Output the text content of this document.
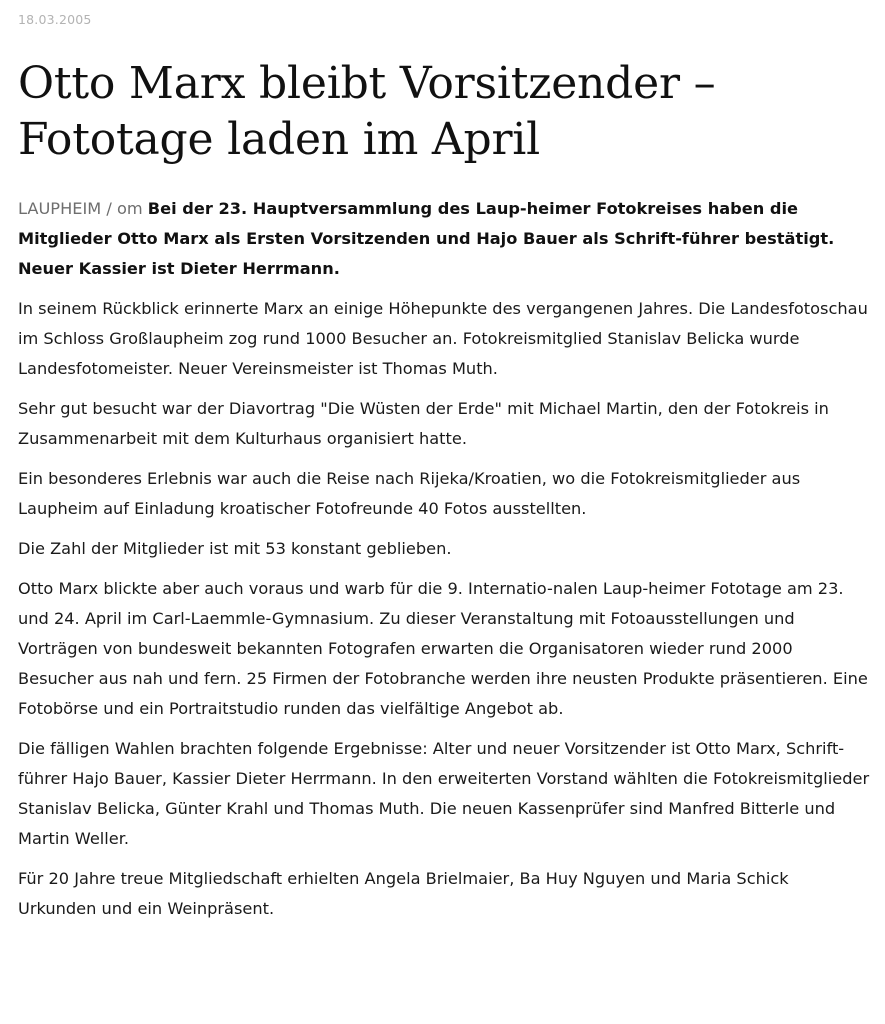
18.03.2005
Otto Marx bleibt Vorsitzender –
Fototage laden im April

LAUPHEIM / om Bei der 23. Hauptversammlung des Laup-heimer Fotokreises haben die Mitglieder Otto Marx als Ersten Vorsitzenden und Hajo Bauer als Schrift-führer bestätigt. Neuer Kassier ist Dieter Herrmann.

In seinem Rückblick erinnerte Marx an einige Höhepunkte des vergangenen Jahres. Die Landesfotoschau im Schloss Großlaupheim zog rund 1000 Besucher an. Fotokreismitglied Stanislav Belicka wurde Landesfotomeister. Neuer Vereinsmeister ist Thomas Muth.

Sehr gut besucht war der Diavortrag "Die Wüsten der Erde" mit Michael Martin, den der Fotokreis in Zusammenarbeit mit dem Kulturhaus organisiert hatte.

Ein besonderes Erlebnis war auch die Reise nach Rijeka/Kroatien, wo die Fotokreismitglieder aus Laupheim auf Einladung kroatischer Fotofreunde 40 Fotos ausstellten.

Die Zahl der Mitglieder ist mit 53 konstant geblieben.

Otto Marx blickte aber auch voraus und warb für die 9. Internatio-nalen Laup-heimer Fototage am 23. und 24. April im Carl-Laemmle-Gymnasium. Zu dieser Veranstaltung mit Fotoausstellungen und Vorträgen von bundesweit bekannten Fotografen erwarten die Organisatoren wieder rund 2000 Besucher aus nah und fern. 25 Firmen der Fotobranche werden ihre neusten Produkte präsentieren. Eine Fotobörse und ein Portraitstudio runden das vielfältige Angebot ab.

Die fälligen Wahlen brachten folgende Ergebnisse: Alter und neuer Vorsitzender ist Otto Marx, Schrift-führer Hajo Bauer, Kassier Dieter Herrmann. In den erweiterten Vorstand wählten die Fotokreismitglieder Stanislav Belicka, Günter Krahl und Thomas Muth. Die neuen Kassenprüfer sind Manfred Bitterle und Martin Weller.

Für 20 Jahre treue Mitgliedschaft erhielten Angela Brielmaier, Ba Huy Nguyen und Maria Schick Urkunden und ein Weinpräsent.
